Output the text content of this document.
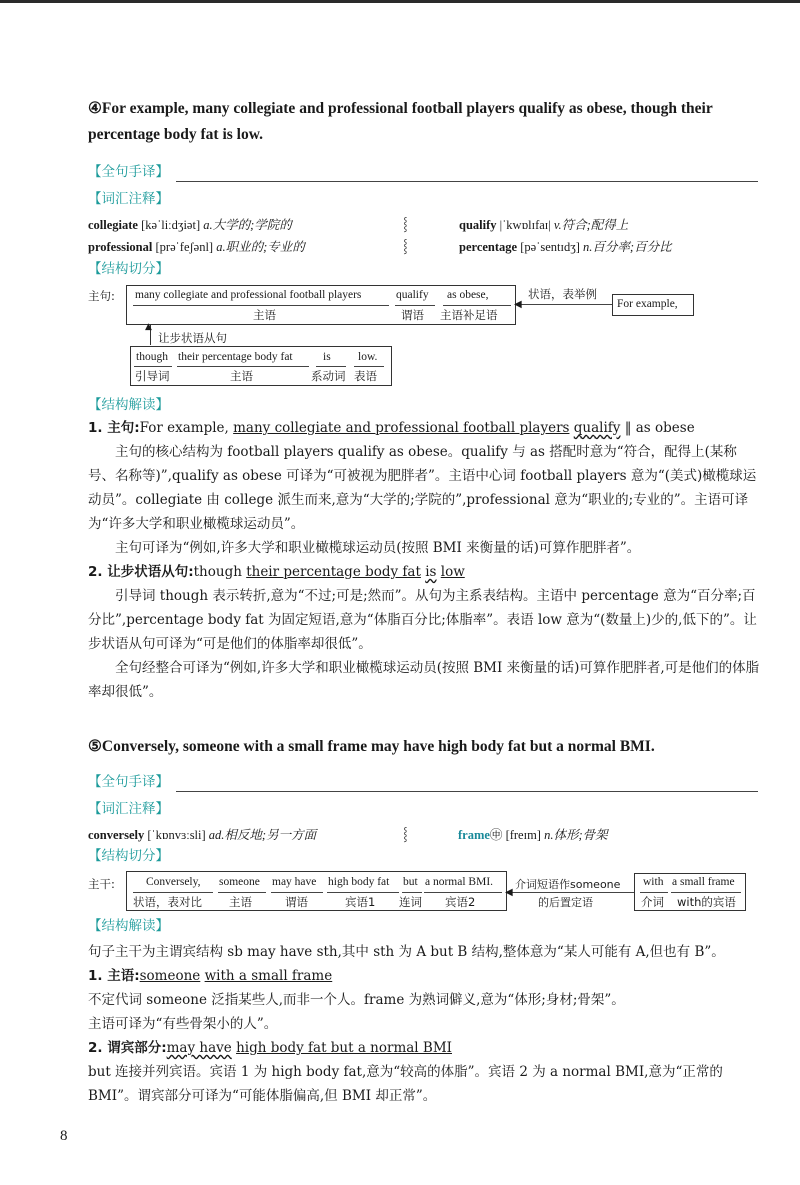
④For example, many collegiate and professional football players qualify as obese, though their percentage body fat is low.
【全句手译】
【词汇注释】
collegiate [kəˈliːdʒiət] a.大学的;学院的	qualify |ˈkwɒlɪfaɪ| v.符合;配得上
professional [prəˈfeʃənl] a.职业的;专业的	percentage [pəˈsentɪdʒ] n.百分率;百分比
⸾
⸾
【结构切分】
主句: many collegiate and professional football players	qualify as obese,
主语	谓语 主语补足语
状语，表举例
◀	For example,
▲
让步状语从句
though their percentage body fat	is low.
引导词	主语	系动词 表语
【结构解读】
1. 主句:For example, many collegiate and professional football players qualify ‖ as obese

主句的核心结构为 football players qualify as obese。qualify 与 as 搭配时意为“符合，配得上(某称号、名称等)”,qualify as obese 可译为“可被视为肥胖者”。主语中心词 football players 意为“(美式)橄榄球运动员”。collegiate 由 college 派生而来,意为“大学的;学院的”,professional 意为“职业的;专业的”。主语可译为“许多大学和职业橄榄球运动员”。

主句可译为“例如,许多大学和职业橄榄球运动员(按照 BMI 来衡量的话)可算作肥胖者”。

2. 让步状语从句:though their percentage body fat is low

引导词 though 表示转折,意为“不过;可是;然而”。从句为主系表结构。主语中 percentage 意为“百分率;百分比”,percentage body fat 为固定短语,意为“体脂百分比;体脂率”。表语 low 意为“(数量上)少的,低下的”。让步状语从句可译为“可是他们的体脂率却很低”。

全句经整合可译为“例如,许多大学和职业橄榄球运动员(按照 BMI 来衡量的话)可算作肥胖者,可是他们的体脂率却很低”。

⑤Conversely, someone with a small frame may have high body fat but a normal BMI.
【全句手译】
【词汇注释】
conversely [ˈkɒnvɜːsli] ad.相反地;另一方面	⸾	frame㊥ [freɪm] n.体形;骨架
【结构切分】
主干:	Conversely, someone may have high body fat but a normal BMI.
状语，表对比 主语	谓语	宾语1 连词 宾语2
介词短语作someone
的后置定语
◀
with a small frame
介词 with的宾语
【结构解读】
句子主干为主谓宾结构 sb may have sth,其中 sth 为 A but B 结构,整体意为“某人可能有 A,但也有 B”。
1. 主语:someone with a small frame
不定代词 someone 泛指某些人,而非一个人。frame 为熟词僻义,意为“体形;身材;骨架”。
主语可译为“有些骨架小的人”。
2. 谓宾部分:may have high body fat but a normal BMI
but 连接并列宾语。宾语 1 为 high body fat,意为“较高的体脂”。宾语 2 为 a normal BMI,意为“正常的 BMI”。谓宾部分可译为“可能体脂偏高,但 BMI 却正常”。
8
